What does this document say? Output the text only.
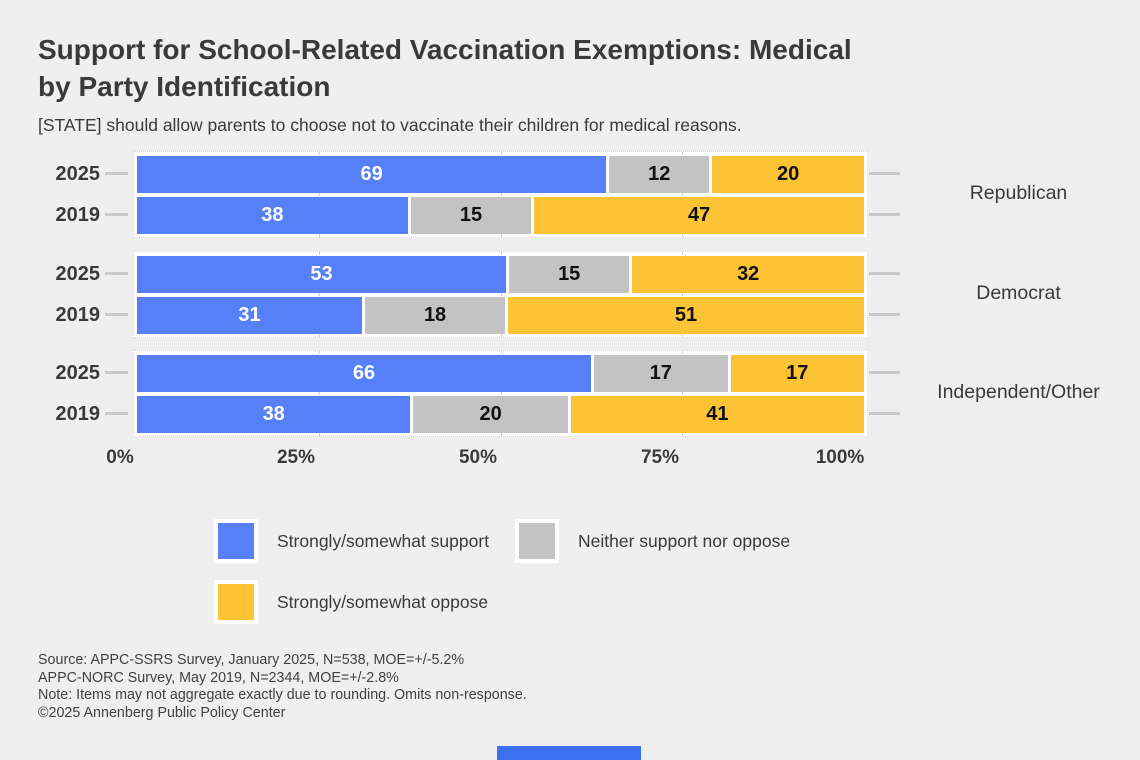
Support for School-Related Vaccination Exemptions: Medical
by Party Identification
[STATE] should allow parents to choose not to vaccinate their children for medical reasons.
69	12	20
38	15	47
2025
2019
Republican
53	15	32
31	18	51
2025
2019
Democrat
66	17	17
38	20	41
2025
2019
Independent/Other
0%	25%	50%	75%	100%
Strongly/somewhat support	Neither support nor oppose
Strongly/somewhat oppose
Source: APPC-SSRS Survey, January 2025, N=538, MOE=+/-5.2%
APPC-NORC Survey, May 2019, N=2344, MOE=+/-2.8%
Note: Items may not aggregate exactly due to rounding. Omits non-response.
©2025 Annenberg Public Policy Center
